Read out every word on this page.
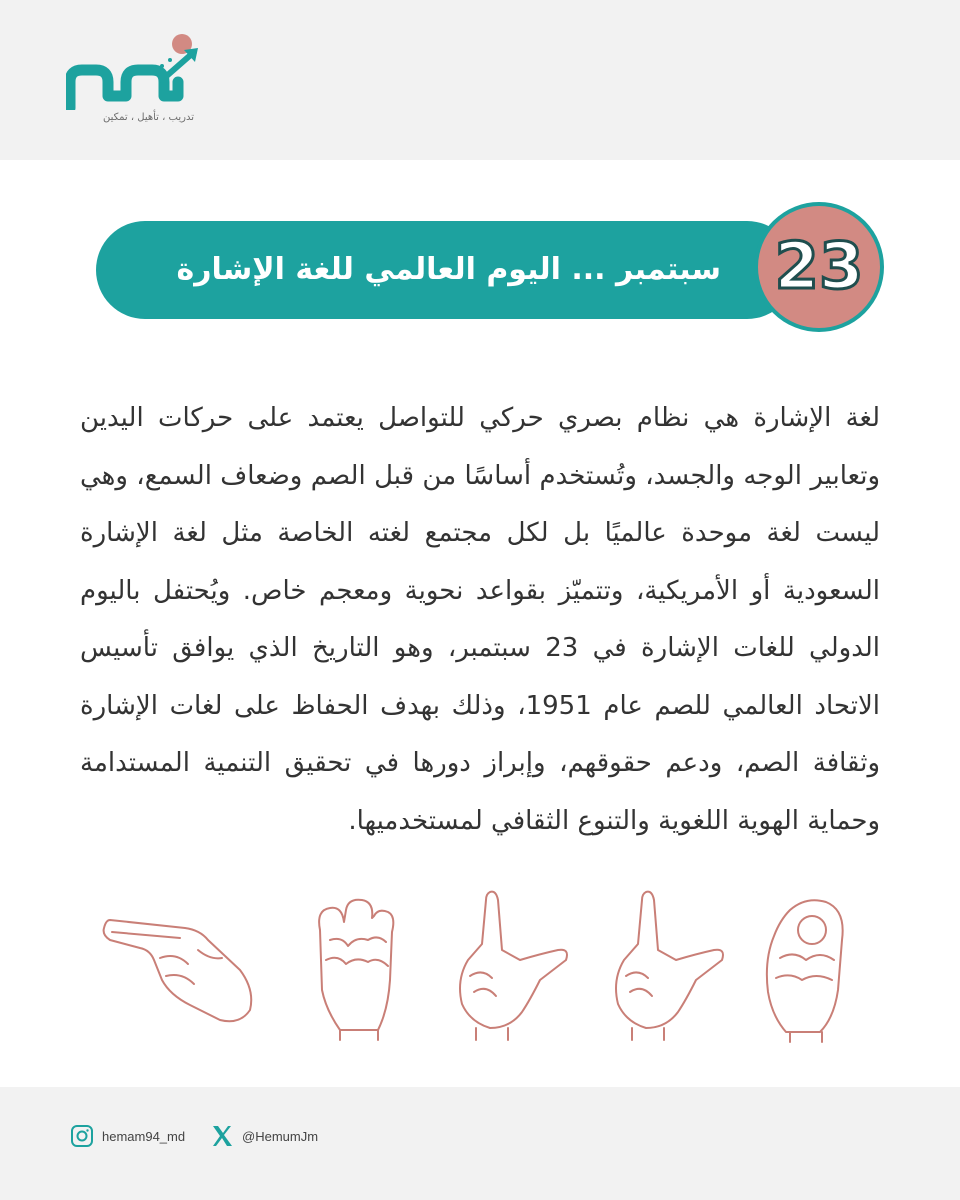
تدريب ، تأهيل ، تمكين
سبتمبر ... اليوم العالمي للغة الإشارة 23
لغة الإشارة هي نظام بصري حركي للتواصل يعتمد على حركات اليدين وتعابير الوجه والجسد، وتُستخدم أساسًا من قبل الصم وضعاف السمع، وهي ليست لغة موحدة عالميًا بل لكل مجتمع لغته الخاصة مثل لغة الإشارة السعودية أو الأمريكية، وتتميّز بقواعد نحوية ومعجم خاص. ويُحتفل باليوم الدولي للغات الإشارة في 23 سبتمبر، وهو التاريخ الذي يوافق تأسيس الاتحاد العالمي للصم عام 1951، وذلك بهدف الحفاظ على لغات الإشارة وثقافة الصم، ودعم حقوقهم، وإبراز دورها في تحقيق التنمية المستدامة وحماية الهوية اللغوية والتنوع الثقافي لمستخدميها.
hemam94_md	@HemumJm
